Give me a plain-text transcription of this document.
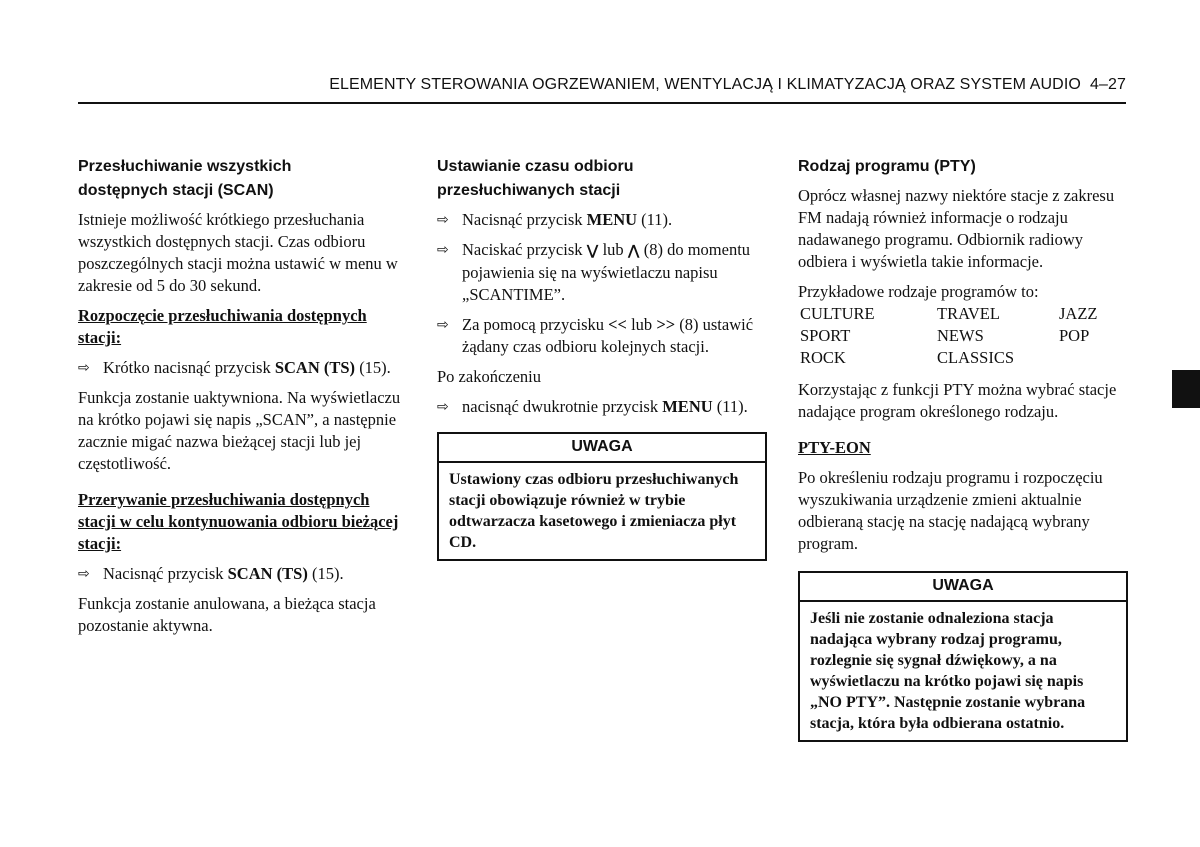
ELEMENTY STEROWANIA OGRZEWANIEM, WENTYLACJĄ I KLIMATYZACJĄ ORAZ SYSTEM AUDIO 4–27
Przesłuchiwanie wszystkich
dostępnych stacji (SCAN)

Istnieje możliwość krótkiego przesłuchania wszystkich dostępnych stacji. Czas odbioru poszczególnych stacji można ustawić w menu w zakresie od 5 do 30 sekund.

Rozpoczęcie przesłuchiwania dostępnych stacji:
⇨ Krótko nacisnąć przycisk SCAN (TS) (15).

Funkcja zostanie uaktywniona. Na wyświetlaczu na krótko pojawi się napis „SCAN”, a następnie zacznie migać nazwa bieżącej stacji lub jej częstotliwość.

Przerywanie przesłuchiwania dostępnych stacji w celu kontynuowania odbioru bieżącej stacji:
⇨ Nacisnąć przycisk SCAN (TS) (15).

Funkcja zostanie anulowana, a bieżąca stacja pozostanie aktywna.

Ustawianie czasu odbioru
przesłuchiwanych stacji
⇨ Nacisnąć przycisk MENU (11).
⇨ Naciskać przycisk ⋁ lub ⋀ (8) do momentu pojawienia się na wyświetlaczu napisu „SCANTIME”.
⇨ Za pomocą przycisku << lub >> (8) ustawić żądany czas odbioru kolejnych stacji.

Po zakończeniu

⇨ nacisnąć dwukrotnie przycisk MENU (11).
UWAGA
Ustawiony czas odbioru przesłuchiwanych stacji obowiązuje również w trybie odtwarzacza kasetowego i zmieniacza płyt CD.
Rodzaj programu (PTY)

Oprócz własnej nazwy niektóre stacje z zakresu FM nadają również informacje o rodzaju nadawanego programu. Odbiornik radiowy odbiera i wyświetla takie informacje.

Przykładowe rodzaje programów to:

CULTURE	TRAVEL	JAZZ
SPORT	NEWS	POP
ROCK	CLASSICS

Korzystając z funkcji PTY można wybrać stacje nadające program określonego rodzaju.

PTY-EON

Po określeniu rodzaju programu i rozpoczęciu wyszukiwania urządzenie zmieni aktualnie odbieraną stację na stację nadającą wybrany program.

UWAGA
Jeśli nie zostanie odnaleziona stacja nadająca wybrany rodzaj programu, rozlegnie się sygnał dźwiękowy, a na wyświetlaczu na krótko pojawi się napis „NO PTY”. Następnie zostanie wybrana stacja, która była odbierana ostatnio.
